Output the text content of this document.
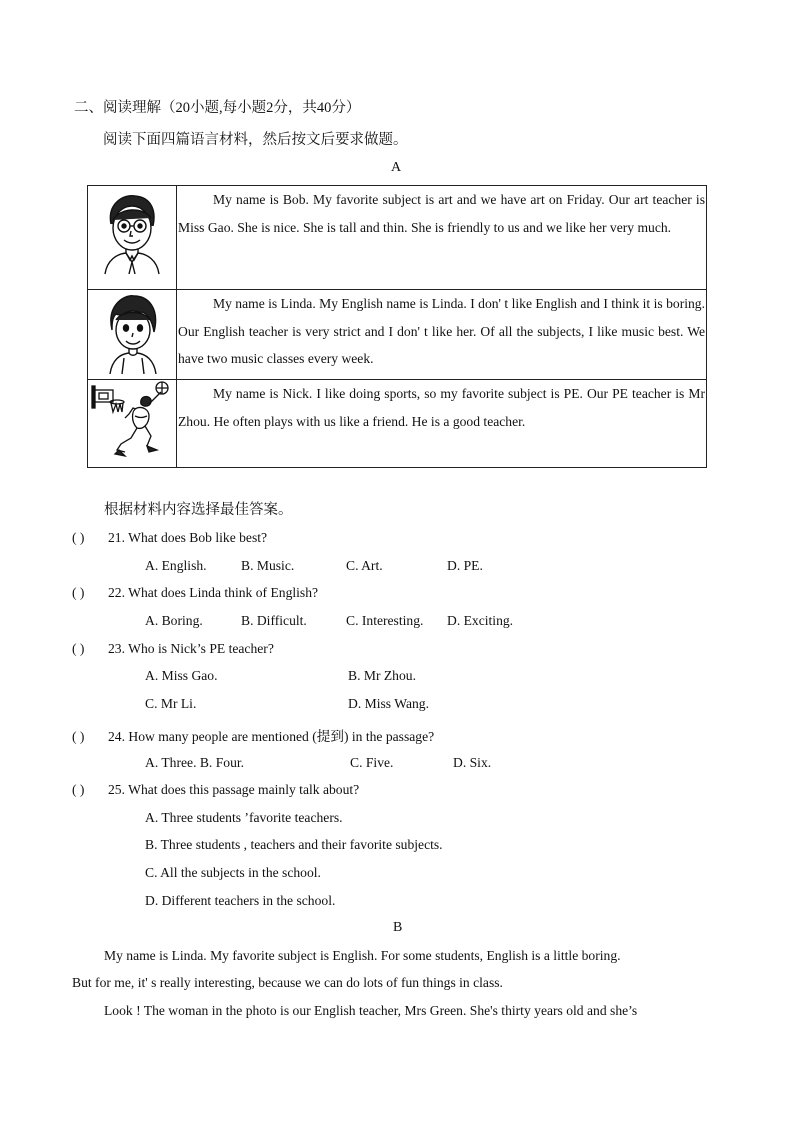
二、阅读理解（20小题,每小题2分，共40分）
阅读下面四篇语言材料，然后按文后要求做题。
A

My name is Bob. My favorite subject is art and we have art on Friday. Our art teacher is Miss Gao. She is nice. She is tall and thin. She is friendly to us and we like her very much.

My name is Linda. My English name is Linda. I don' t like English and I think it is boring. Our English teacher is very strict and I don' t like her. Of all the subjects, I like music best. We have two music classes every week.

My name is Nick. I like doing sports, so my favorite subject is PE. Our PE teacher is Mr Zhou. He often plays with us like a friend. He is a good teacher.
根据材料内容选择最佳答案。
( ) 21. What does Bob like best?
A. English.	B. Music.	C. Art.	D. PE.
( ) 22. What does Linda think of English?
A. Boring.	B. Difficult.	C. Interesting. D. Exciting.
( ) 23. Who is Nick’s PE teacher?
A. Miss Gao.	B. Mr Zhou.
C. Mr Li.	D. Miss Wang.
( ) 24. How many people are mentioned (提到) in the passage?
A. Three. B. Four.	C. Five.	D. Six.
( ) 25. What does this passage mainly talk about?
A. Three students ’favorite teachers.
B. Three students , teachers and their favorite subjects.
C. All the subjects in the school.
D. Different teachers in the school.
B
My name is Linda. My favorite subject is English. For some students, English is a little boring.
But for me, it' s really interesting, because we can do lots of fun things in class.
Look ! The woman in the photo is our English teacher, Mrs Green. She's thirty years old and she’s
